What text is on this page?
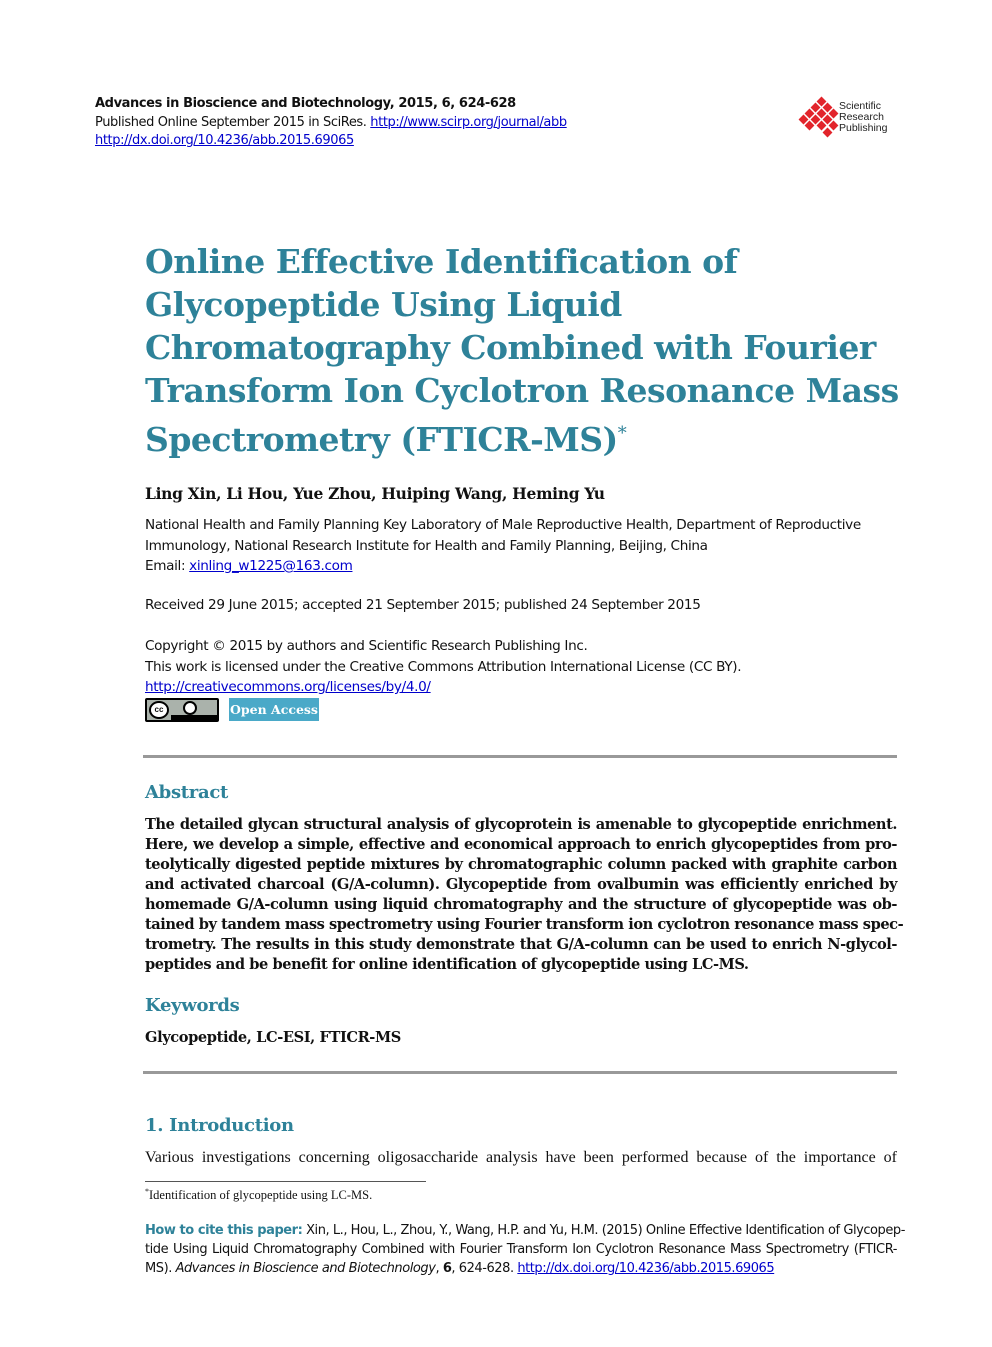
Advances in Bioscience and Biotechnology, 2015, 6, 624-628
Published Online September 2015 in SciRes. http://www.scirp.org/journal/abb
http://dx.doi.org/10.4236/abb.2015.69065
Scientific
Research
Publishing
Online Effective Identification of
Glycopeptide Using Liquid
Chromatography Combined with Fourier
Transform Ion Cyclotron Resonance Mass
Spectrometry (FTICR-MS)*
Ling Xin, Li Hou, Yue Zhou, Huiping Wang, Heming Yu
National Health and Family Planning Key Laboratory of Male Reproductive Health, Department of Reproductive
Immunology, National Research Institute for Health and Family Planning, Beijing, China
Email: xinling_w1225@163.com
Received 29 June 2015; accepted 21 September 2015; published 24 September 2015
Copyright © 2015 by authors and Scientific Research Publishing Inc.
This work is licensed under the Creative Commons Attribution International License (CC BY).
http://creativecommons.org/licenses/by/4.0/
cc	Open Access
Abstract
The detailed glycan structural analysis of glycoprotein is amenable to glycopeptide enrichment.
Here, we develop a simple, effective and economical approach to enrich glycopeptides from pro-
teolytically digested peptide mixtures by chromatographic column packed with graphite carbon
and activated charcoal (G/A-column). Glycopeptide from ovalbumin was efficiently enriched by
homemade G/A-column using liquid chromatography and the structure of glycopeptide was ob-
tained by tandem mass spectrometry using Fourier transform ion cyclotron resonance mass spec-
trometry. The results in this study demonstrate that G/A-column can be used to enrich N-glycol-
peptides and be benefit for online identification of glycopeptide using LC-MS.
Keywords
Glycopeptide, LC-ESI, FTICR-MS
1. Introduction
Various investigations concerning oligosaccharide analysis have been performed because of the importance of
*Identification of glycopeptide using LC-MS.
How to cite this paper: Xin, L., Hou, L., Zhou, Y., Wang, H.P. and Yu, H.M. (2015) Online Effective Identification of Glycopep-
tide Using Liquid Chromatography Combined with Fourier Transform Ion Cyclotron Resonance Mass Spectrometry (FTICR-
MS). Advances in Bioscience and Biotechnology, 6, 624-628. http://dx.doi.org/10.4236/abb.2015.69065
